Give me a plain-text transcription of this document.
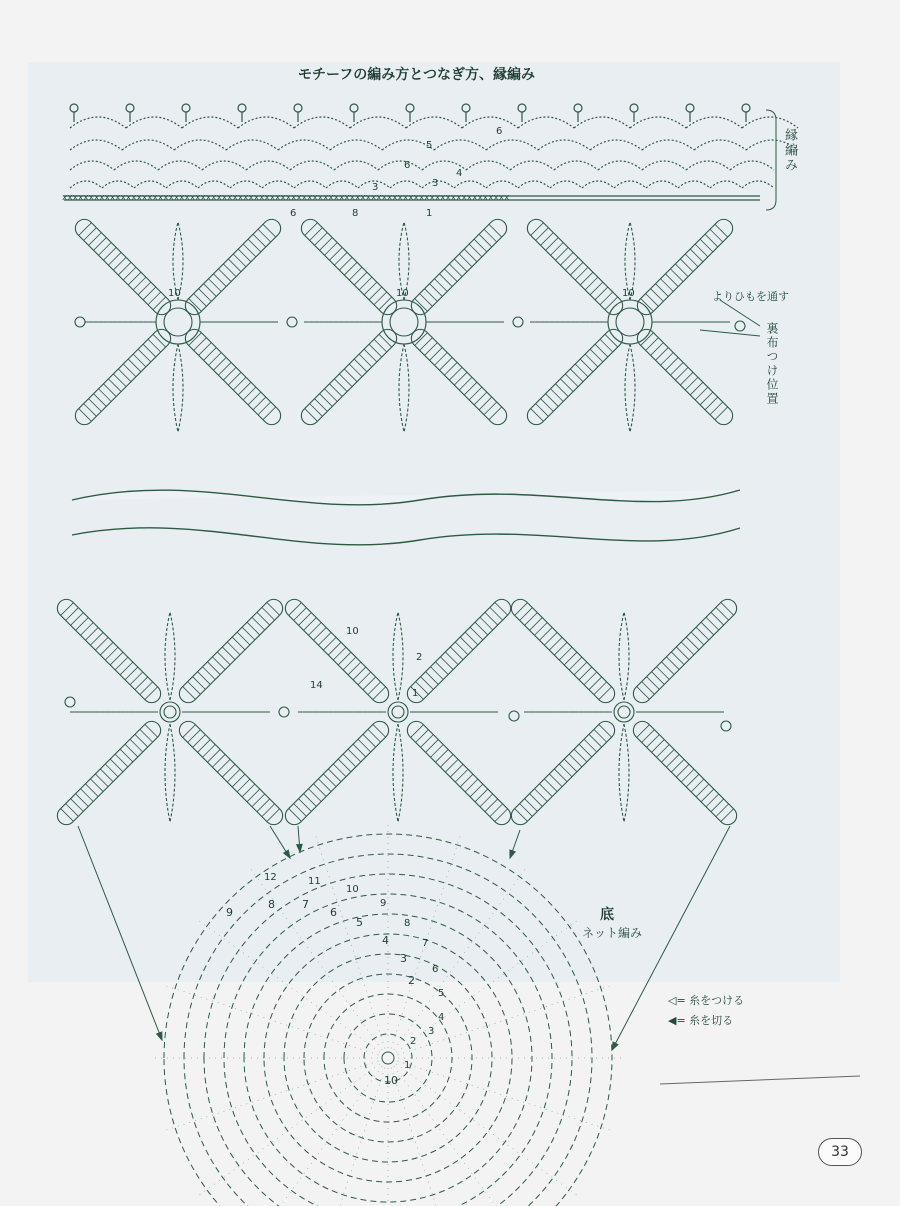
モチーフの編み方とつなぎ方、縁編み
xxxxxxxxxxxxxxxxxxxxxxxxxxxxxxxxxxxxxxxxxxxxxxxxxxxxxxxxxxxxxxxxxxxxxxxxxxxxxxxxxxxx
1
3
4
5
6
3
6
8
6
10
14
2
1
10	10	10
12	11
10
9
8
7
6
5
4
3
2
1
9
8 7
6
5
4
3
2
10
縁編み
よりひもを通す
裏布つけ位置
底
ネット編み
◁= 糸をつける
◀= 糸を切る
33
